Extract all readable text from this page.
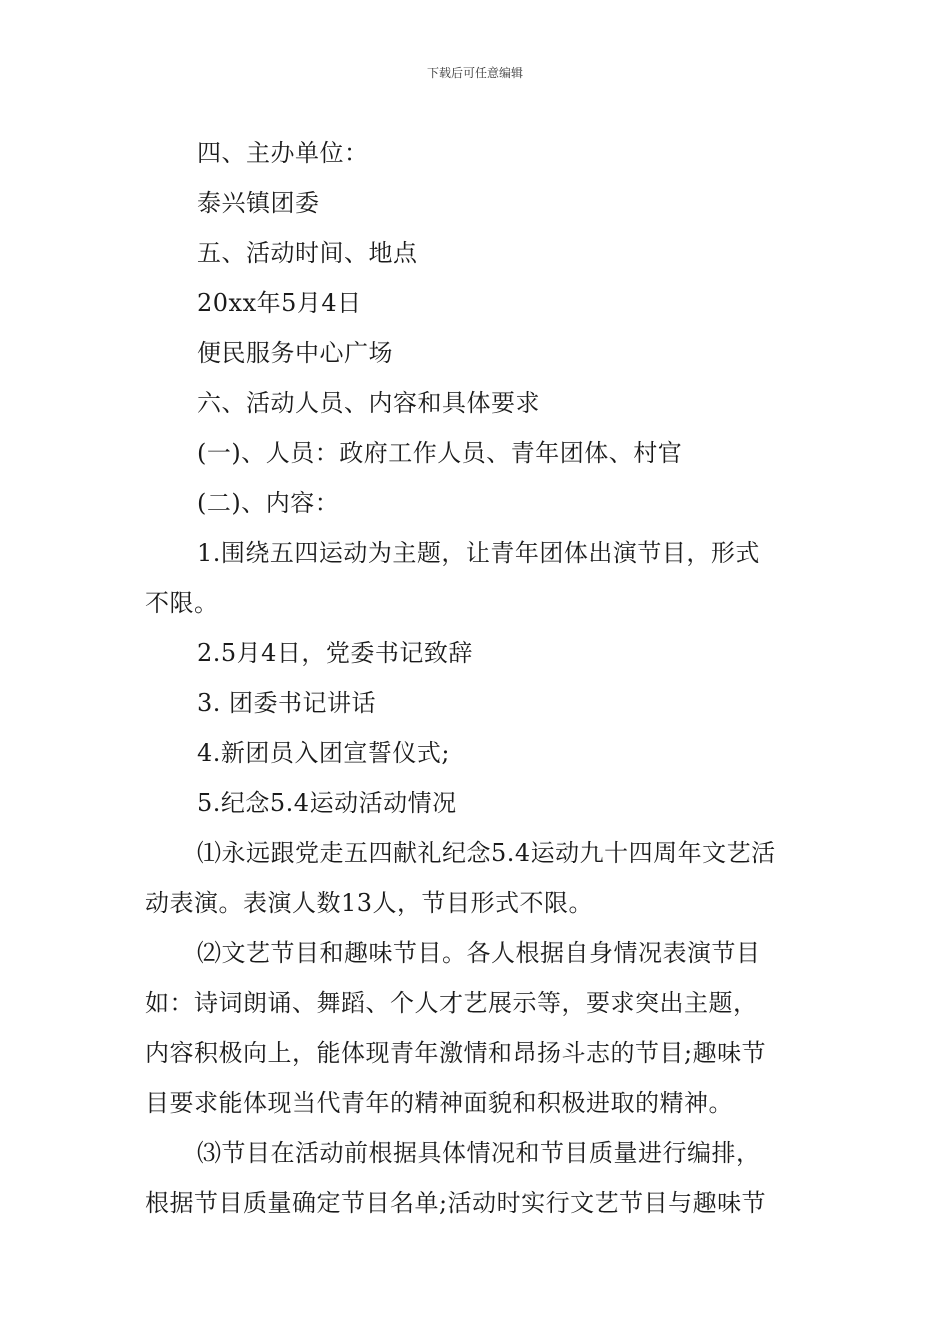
下载后可任意编辑
四、主办单位：
泰兴镇团委
五、活动时间、地点
20xx年5月4日
便民服务中心广场
六、活动人员、内容和具体要求
(一)、人员：政府工作人员、青年团体、村官
(二)、内容：
1.围绕五四运动为主题，让青年团体出演节目，形式
不限。
2.5月4日，党委书记致辞
3. 团委书记讲话
4.新团员入团宣誓仪式;
5.纪念5.4运动活动情况
⑴永远跟党走五四献礼纪念5.4运动九十四周年文艺活
动表演。表演人数13人，节目形式不限。
⑵文艺节目和趣味节目。各人根据自身情况表演节目
如：诗词朗诵、舞蹈、个人才艺展示等，要求突出主题，
内容积极向上，能体现青年激情和昂扬斗志的节目;趣味节
目要求能体现当代青年的精神面貌和积极进取的精神。
⑶节目在活动前根据具体情况和节目质量进行编排，
根据节目质量确定节目名单;活动时实行文艺节目与趣味节
